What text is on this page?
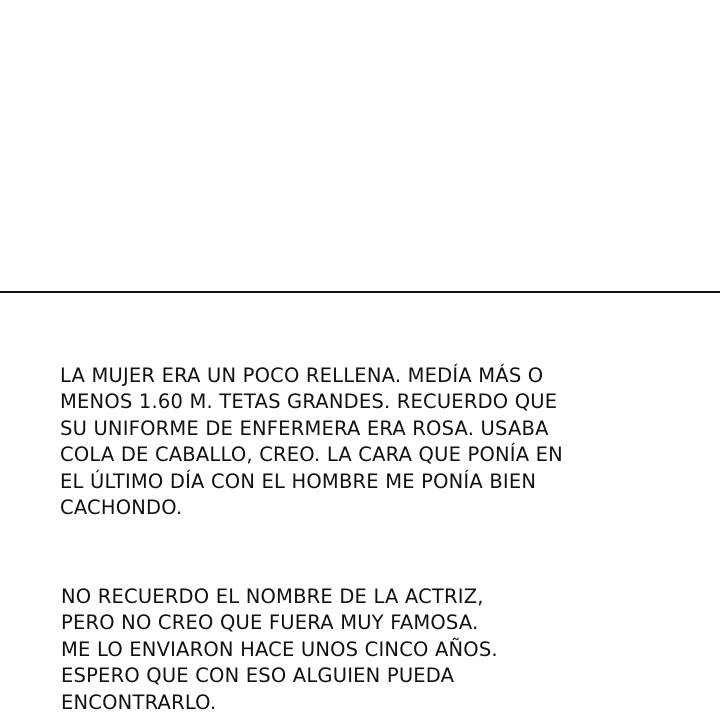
LA MUJER ERA UN POCO RELLENA. MEDÍA MÁS O
MENOS 1.60 M. TETAS GRANDES. RECUERDO QUE
SU UNIFORME DE ENFERMERA ERA ROSA. USABA
COLA DE CABALLO, CREO. LA CARA QUE PONÍA EN
EL ÚLTIMO DÍA CON EL HOMBRE ME PONÍA BIEN
CACHONDO.
NO RECUERDO EL NOMBRE DE LA ACTRIZ,
PERO NO CREO QUE FUERA MUY FAMOSA.
ME LO ENVIARON HACE UNOS CINCO AÑOS.
ESPERO QUE CON ESO ALGUIEN PUEDA
ENCONTRARLO.
